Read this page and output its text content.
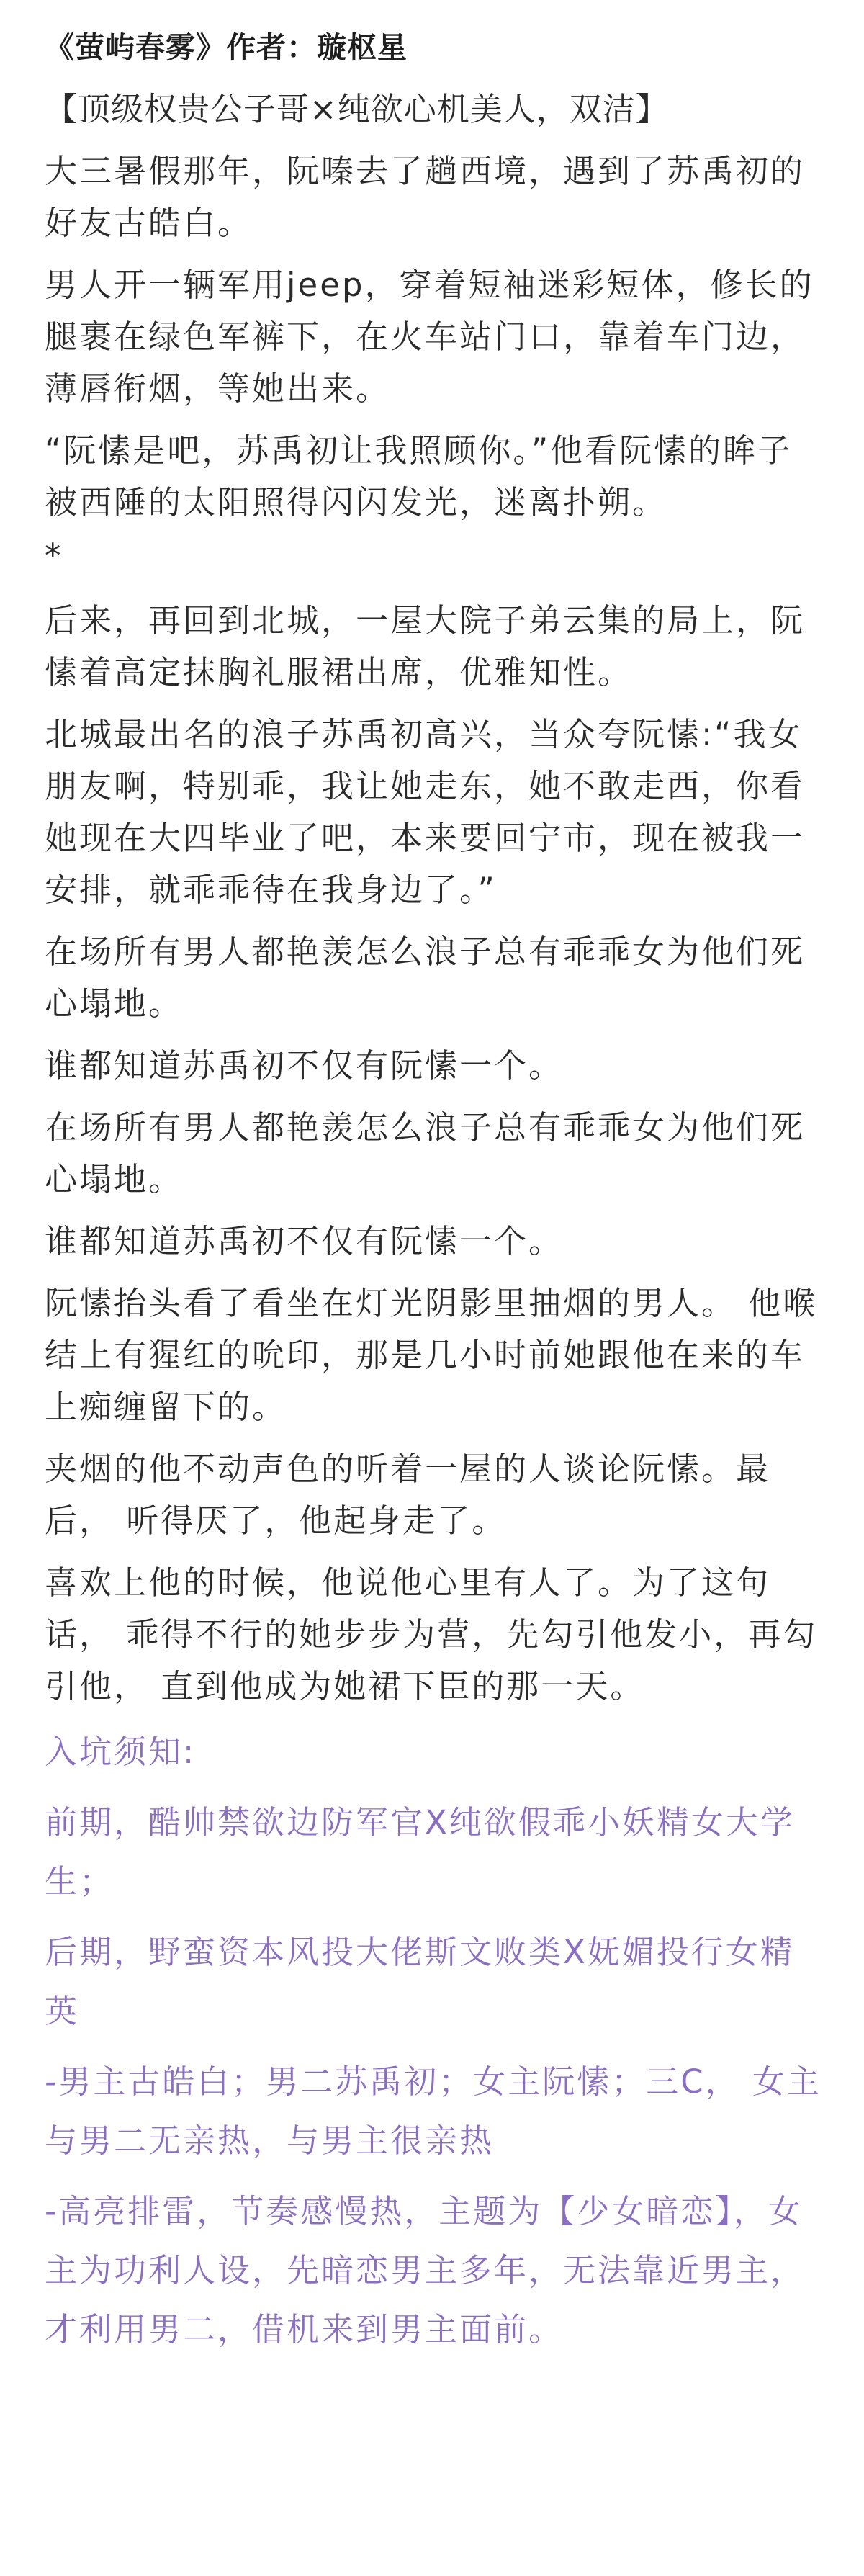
《萤屿春雾》作者：璇枢星
【顶级权贵公子哥×纯欲心机美人，双洁】
大三暑假那年，阮嗪去了趟西境，遇到了苏禹初的好友古皓白。
男人开一辆军用jeep，穿着短袖迷彩短体，修长的腿裹在绿色军裤下，在火车站门口，靠着车门边，薄唇衔烟，等她出来。
“阮愫是吧，苏禹初让我照顾你。”他看阮愫的眸子被西陲的太阳照得闪闪发光，迷离扑朔。
*
后来，再回到北城，一屋大院子弟云集的局上，阮愫着高定抹胸礼服裙出席，优雅知性。
北城最出名的浪子苏禹初高兴，当众夸阮愫:“我女朋友啊，特别乖，我让她走东，她不敢走西，你看她现在大四毕业了吧，本来要回宁市，现在被我一安排，就乖乖待在我身边了。”
在场所有男人都艳羡怎么浪子总有乖乖女为他们死心塌地。
谁都知道苏禹初不仅有阮愫一个。
在场所有男人都艳羡怎么浪子总有乖乖女为他们死心塌地。
谁都知道苏禹初不仅有阮愫一个。
阮愫抬头看了看坐在灯光阴影里抽烟的男人。 他喉结上有猩红的吮印，那是几小时前她跟他在来的车上痴缠留下的。
夹烟的他不动声色的听着一屋的人谈论阮愫。最后， 听得厌了，他起身走了。
喜欢上他的时候，他说他心里有人了。为了这句话， 乖得不行的她步步为营，先勾引他发小，再勾引他， 直到他成为她裙下臣的那一天。
入坑须知:
前期，酷帅禁欲边防军官X纯欲假乖小妖精女大学生；
后期，野蛮资本风投大佬斯文败类X妩媚投行女精英
-男主古皓白；男二苏禹初；女主阮愫；三C， 女主与男二无亲热，与男主很亲热
-高亮排雷，节奏感慢热，主题为【少女暗恋】，女主为功利人设，先暗恋男主多年，无法靠近男主，才利用男二，借机来到男主面前。
